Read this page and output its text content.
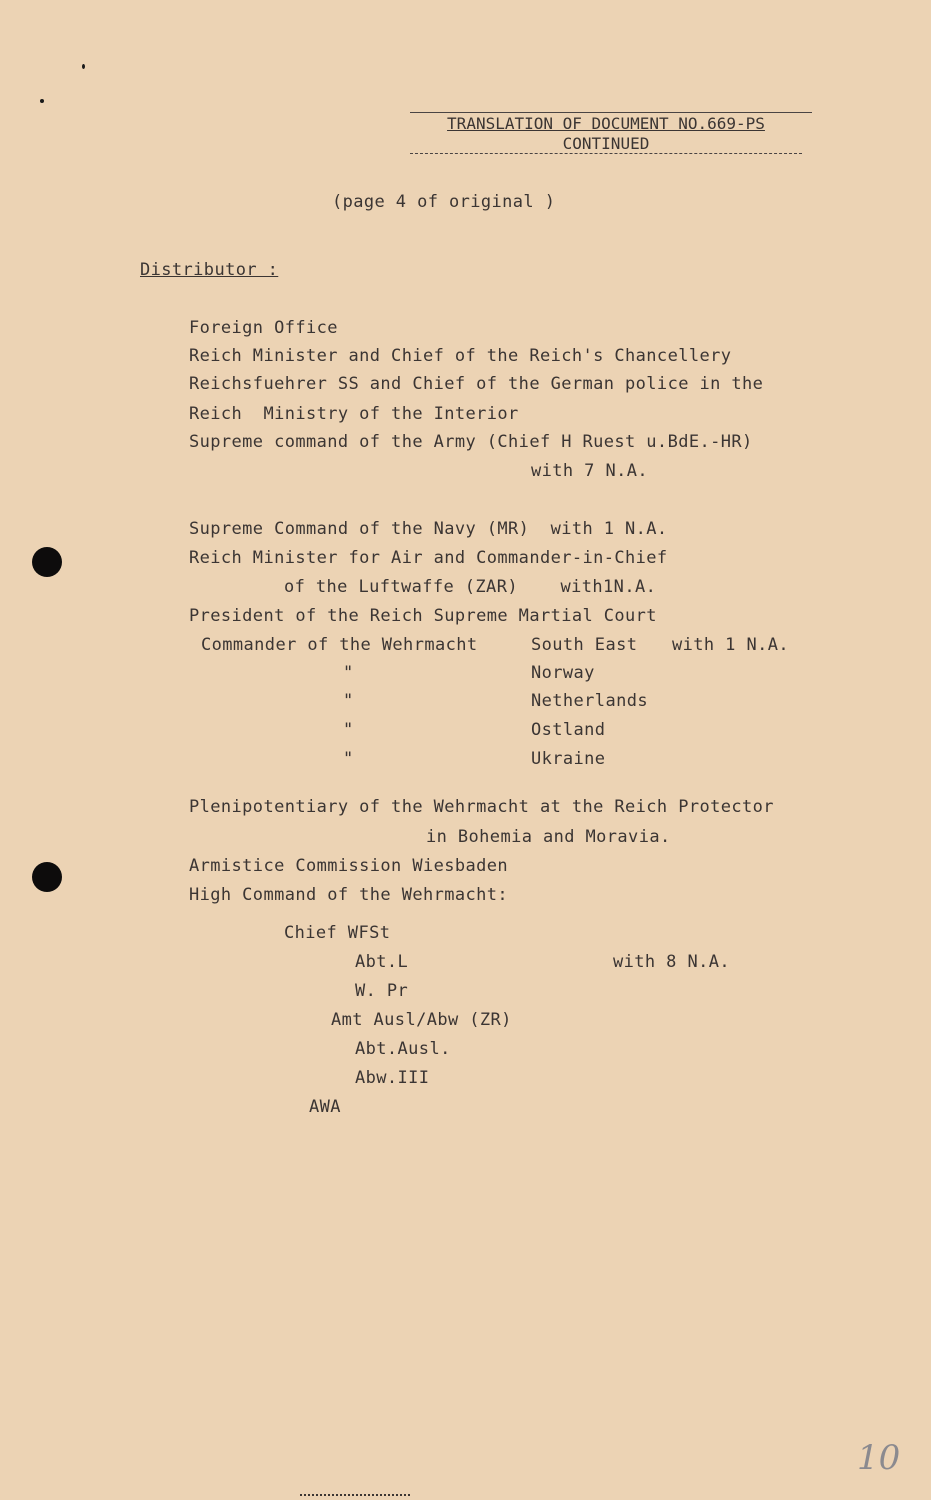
TRANSLATION OF DOCUMENT NO.669-PS
CONTINUED
(page 4 of original )
Distributor :
Foreign Office
Reich Minister and Chief of the Reich's Chancellery
Reichsfuehrer SS and Chief of the German police in the
Reich  Ministry of the Interior
Supreme command of the Army (Chief H Ruest u.BdE.-HR)
with 7 N.A.
Supreme Command of the Navy (MR)  with 1 N.A.
Reich Minister for Air and Commander-in-Chief
of the Luftwaffe (ZAR)    with1N.A.
President of the Reich Supreme Martial Court
Commander of the Wehrmacht	South East with 1 N.A.
"	Norway
"	Netherlands
"	Ostland
"	Ukraine
Plenipotentiary of the Wehrmacht at the Reich Protector
in Bohemia and Moravia.
Armistice Commission Wiesbaden
High Command of the Wehrmacht:
Chief WFSt
Abt.L	with 8 N.A.
W. Pr
Amt Ausl/Abw (ZR)
Abt.Ausl.
Abw.III
AWA
10
